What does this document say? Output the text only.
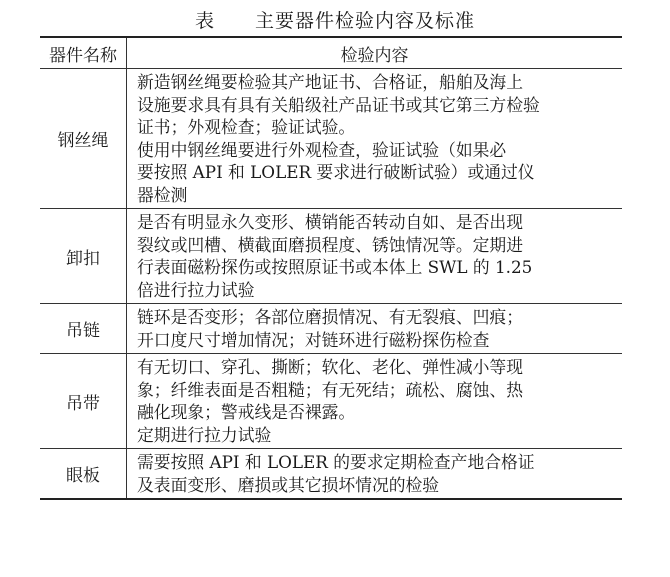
表　　主要器件检验内容及标准
器件名称	检验内容
钢丝绳
新造钢丝绳要检验其产地证书、合格证，船舶及海上
设施要求具有具有关船级社产品证书或其它第三方检验
证书；外观检查；验证试验。
使用中钢丝绳要进行外观检查，验证试验（如果必
要按照 API 和 LOLER 要求进行破断试验）或通过仪
器检测
卸扣
是否有明显永久变形、横销能否转动自如、是否出现
裂纹或凹槽、横截面磨损程度、锈蚀情况等。定期进
行表面磁粉探伤或按照原证书或本体上 SWL 的 1.25
倍进行拉力试验
吊链
链环是否变形；各部位磨损情况、有无裂痕、凹痕；
开口度尺寸增加情况；对链环进行磁粉探伤检查
吊带
有无切口、穿孔、撕断；软化、老化、弹性减小等现
象；纤维表面是否粗糙；有无死结；疏松、腐蚀、热
融化现象；警戒线是否裸露。
定期进行拉力试验
眼板
需要按照 API 和 LOLER 的要求定期检查产地合格证
及表面变形、磨损或其它损坏情况的检验
